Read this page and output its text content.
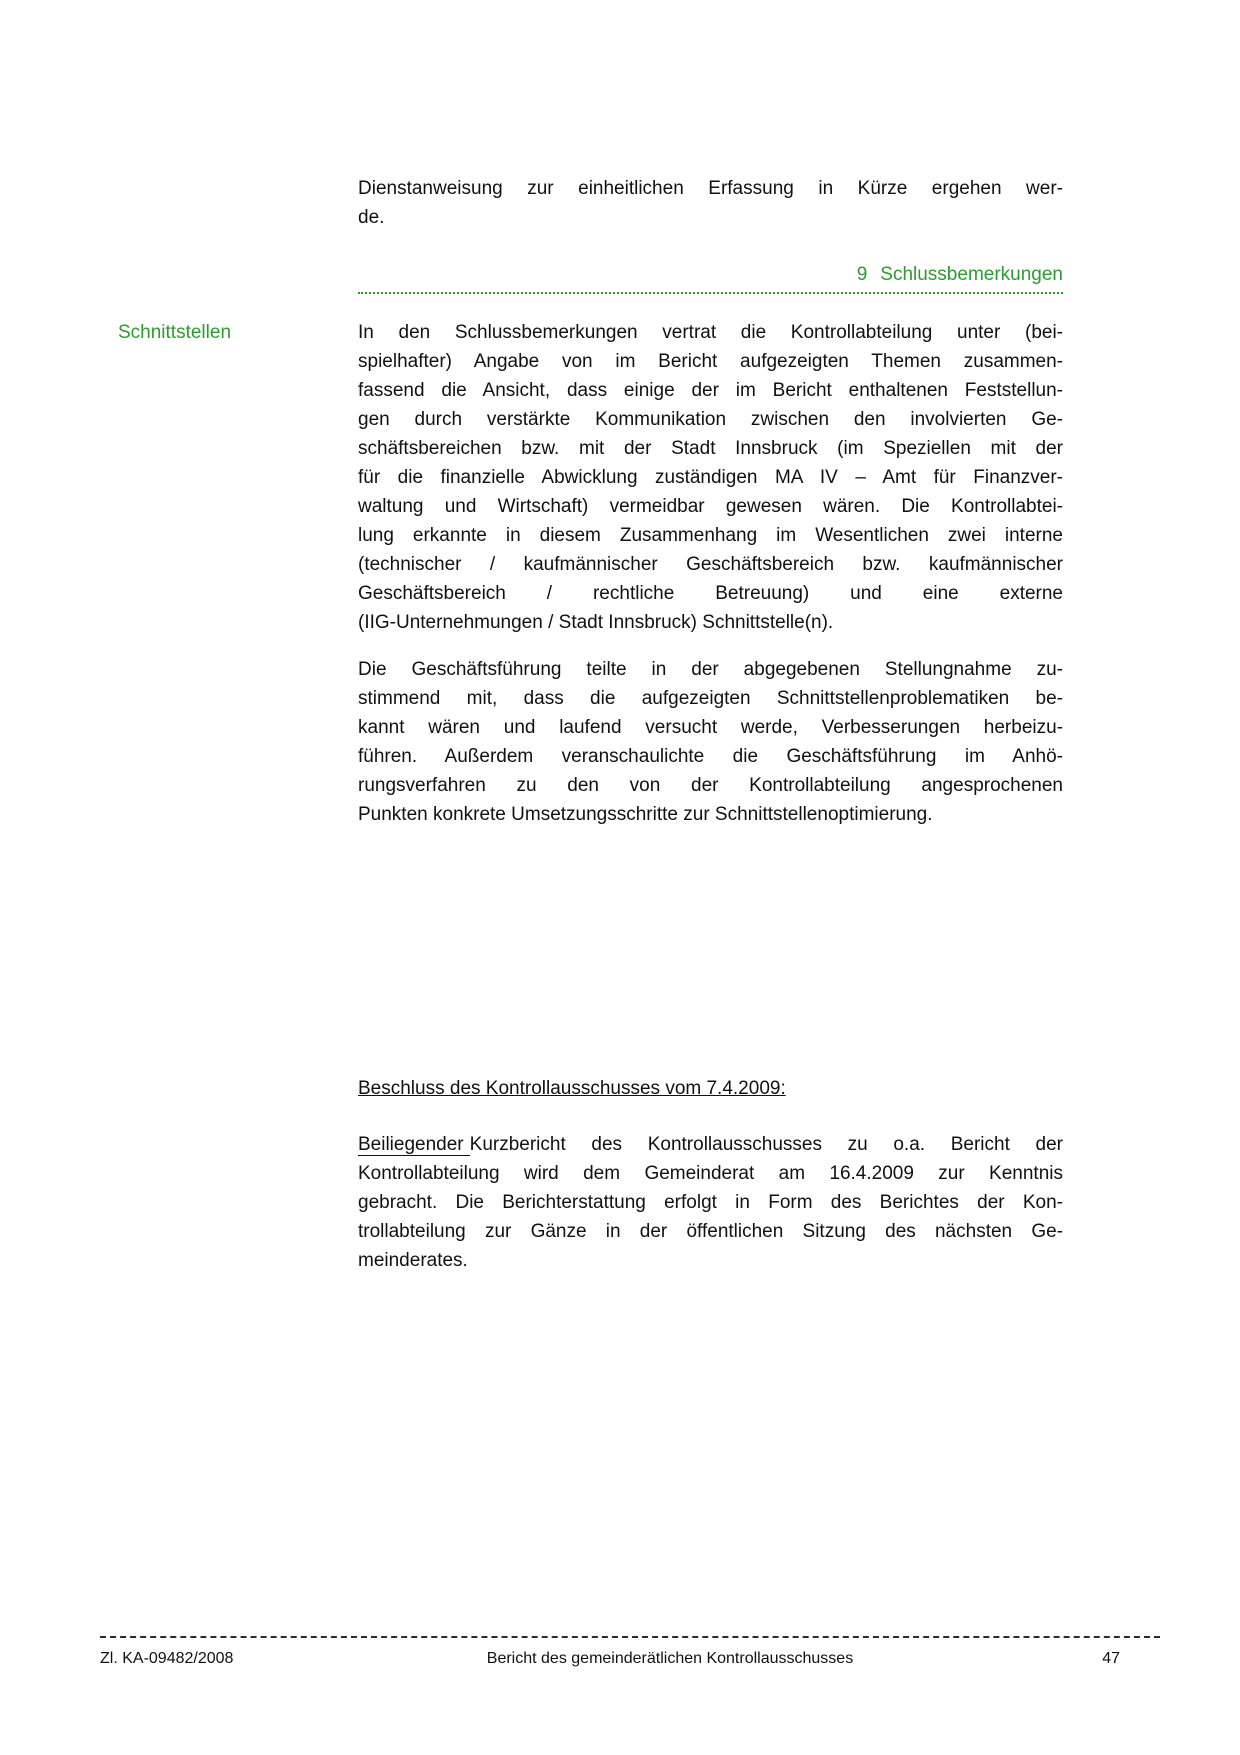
Dienstanweisung zur einheitlichen Erfassung in Kürze ergehen wer-
de.
9 Schlussbemerkungen
Schnittstellen	In den Schlussbemerkungen vertrat die Kontrollabteilung unter (bei-
spielhafter) Angabe von im Bericht aufgezeigten Themen zusammen-
fassend die Ansicht, dass einige der im Bericht enthaltenen Feststellun-
gen durch verstärkte Kommunikation zwischen den involvierten Ge-
schäftsbereichen bzw. mit der Stadt Innsbruck (im Speziellen mit der
für die finanzielle Abwicklung zuständigen MA IV – Amt für Finanzver-
waltung und Wirtschaft) vermeidbar gewesen wären. Die Kontrollabtei-
lung erkannte in diesem Zusammenhang im Wesentlichen zwei interne
(technischer / kaufmännischer Geschäftsbereich bzw. kaufmännischer
Geschäftsbereich / rechtliche Betreuung) und eine externe
(IIG-Unternehmungen / Stadt Innsbruck) Schnittstelle(n).
Die Geschäftsführung teilte in der abgegebenen Stellungnahme zu-
stimmend mit, dass die aufgezeigten Schnittstellenproblematiken be-
kannt wären und laufend versucht werde, Verbesserungen herbeizu-
führen. Außerdem veranschaulichte die Geschäftsführung im Anhö-
rungsverfahren zu den von der Kontrollabteilung angesprochenen
Punkten konkrete Umsetzungsschritte zur Schnittstellenoptimierung.
Beschluss des Kontrollausschusses vom 7.4.2009:
Beiliegender Kurzbericht des Kontrollausschusses zu o.a. Bericht der
Kontrollabteilung wird dem Gemeinderat am 16.4.2009 zur Kenntnis
gebracht. Die Berichterstattung erfolgt in Form des Berichtes der Kon-
trollabteilung zur Gänze in der öffentlichen Sitzung des nächsten Ge-
meinderates.
Zl. KA-09482/2008	Bericht des gemeinderätlichen Kontrollausschusses	47
